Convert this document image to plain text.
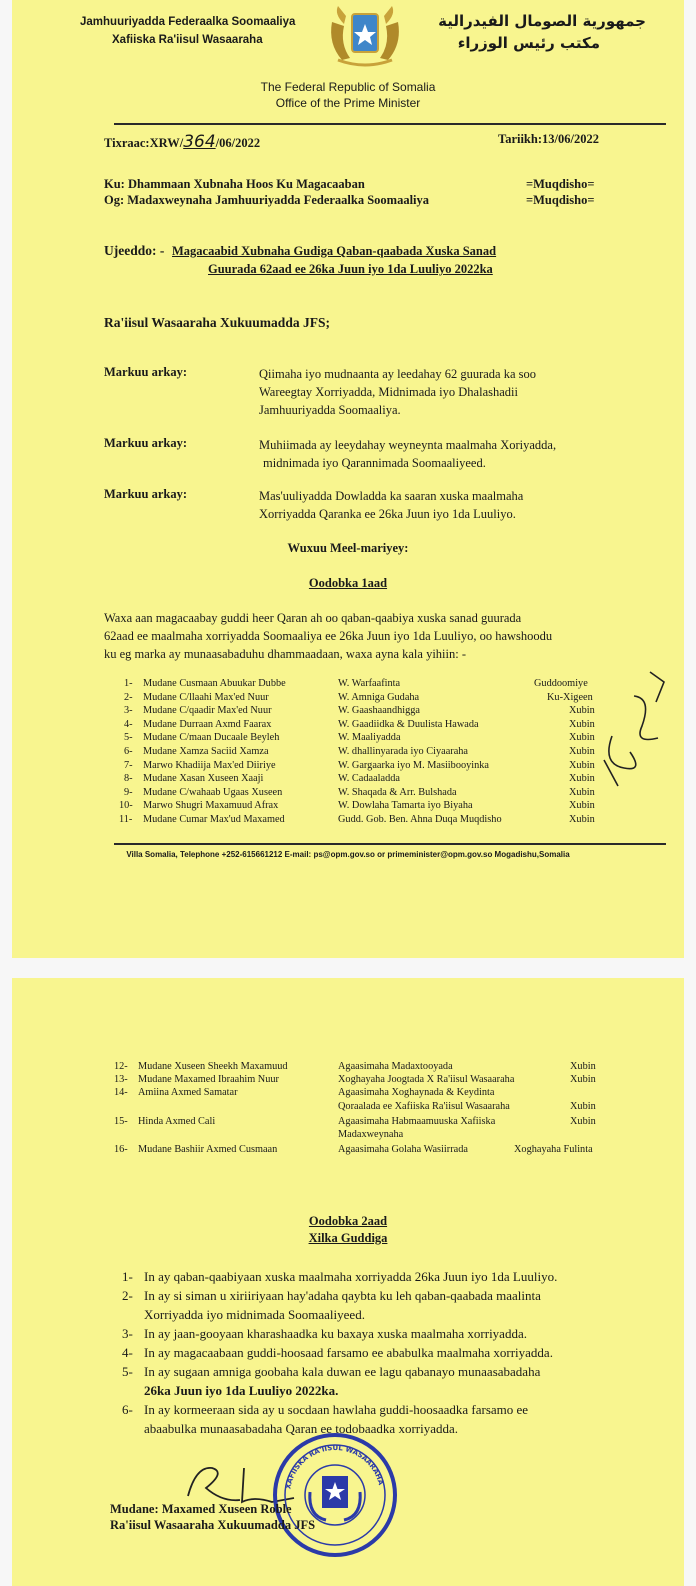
Jamhuuriyadda Federaalka Soomaaliya
Xafiiska Ra'iisul Wasaaraha
جمهورية الصومال الفيدرالية
مكتب رئيس الوزراء
The Federal Republic of Somalia
Office of the Prime Minister
Tixraac:XRW/364/06/2022	Tariikh:13/06/2022
Ku: Dhammaan Xubnaha Hoos Ku Magacaaban	=Muqdisho=
Og: Madaxweynaha Jamhuuriyadda Federaalka Soomaaliya	=Muqdisho=
Ujeeddo: - Magacaabid Xubnaha Gudiga Qaban-qaabada Xuska Sanad
Guurada 62aad ee 26ka Juun iyo 1da Luuliyo 2022ka
Ra'iisul Wasaaraha Xukuumadda JFS;
Markuu arkay:	Qiimaha iyo mudnaanta ay leedahay 62 guurada ka soo
Wareegtay Xorriyadda, Midnimada iyo Dhalashadii
Jamhuuriyadda Soomaaliya.
Markuu arkay:	Muhiimada ay leeydahay weyneynta maalmaha Xoriyadda,
midnimada iyo Qarannimada Soomaaliyeed.
Markuu arkay:	Mas'uuliyadda Dowladda ka saaran xuska maalmaha
Xorriyadda Qaranka ee 26ka Juun iyo 1da Luuliyo.
Wuxuu Meel-mariyey:
Oodobka 1aad
Waxa aan magacaabay guddi heer Qaran ah oo qaban-qaabiya xuska sanad guurada
62aad ee maalmaha xorriyadda Soomaaliya ee 26ka Juun iyo 1da Luuliyo, oo hawshoodu
ku eg marka ay munaasabaduhu dhammaadaan, waxa ayna kala yihiin: -
1- Mudane Cusmaan Abuukar Dubbe	W. Warfaafinta	Guddoomiye
2- Mudane C/llaahi Max'ed Nuur	W. Amniga Gudaha	Ku-Xigeen
3- Mudane C/qaadir Max'ed Nuur	W. Gaashaandhigga	Xubin
4- Mudane Durraan Axmd Faarax	W. Gaadiidka & Duulista Hawada	Xubin
5- Mudane C/maan Ducaale Beyleh	W. Maaliyadda	Xubin
6- Mudane Xamza Saciid Xamza	W. dhallinyarada iyo Ciyaaraha	Xubin
7- Marwo Khadiija Max'ed Diiriye	W. Gargaarka iyo M. Masiibooyinka	Xubin
8- Mudane Xasan Xuseen Xaaji	W. Cadaaladda	Xubin
9- Mudane C/wahaab Ugaas Xuseen	W. Shaqada & Arr. Bulshada	Xubin
10- Marwo Shugri Maxamuud Afrax	W. Dowlaha Tamarta iyo Biyaha	Xubin
11- Mudane Cumar Max'ud Maxamed	Gudd. Gob. Ben. Ahna Duqa Muqdisho	Xubin
Villa Somalia, Telephone +252-615661212 E-mail: ps@opm.gov.so or primeminister@opm.gov.so Mogadishu,Somalia
12- Mudane Xuseen Sheekh Maxamuud	Agaasimaha Madaxtooyada	Xubin
13- Mudane Maxamed Ibraahim Nuur	Xoghayaha Joogtada X Ra'iisul Wasaaraha	Xubin
14- Amiina Axmed Samatar	Agaasimaha Xoghaynada & Keydinta
Qoraalada ee Xafiiska Ra'iisul Wasaaraha	Xubin
15- Hinda Axmed Cali	Agaasimaha Habmaamuuska Xafiiska	Xubin
Madaxweynaha
16- Mudane Bashiir Axmed Cusmaan	Agaasimaha Golaha Wasiirrada	Xoghayaha Fulinta
Oodobka 2aad
Xilka Guddiga
1- In ay qaban-qaabiyaan xuska maalmaha xorriyadda 26ka Juun iyo 1da Luuliyo.
2- In ay si siman u xiriiriyaan hay'adaha qaybta ku leh qaban-qaabada maalinta
Xorriyadda iyo midnimada Soomaaliyeed.
3- In ay jaan-gooyaan kharashaadka ku baxaya xuska maalmaha xorriyadda.
4- In ay magacaabaan guddi-hoosaad farsamo ee ababulka maalmaha xorriyadda.
5- In ay sugaan amniga goobaha kala duwan ee lagu qabanayo munaasabadaha
26ka Juun iyo 1da Luuliyo 2022ka.
6- In ay kormeeraan sida ay u socdaan hawlaha guddi-hoosaadka farsamo ee
abaabulka munaasabadaha Qaran ee todobaadka xorriyadda.
XAFIISKA RA'IISUL WASAARAHA
Mudane: Maxamed Xuseen Roble
Ra'iisul Wasaaraha Xukuumadda JFS
